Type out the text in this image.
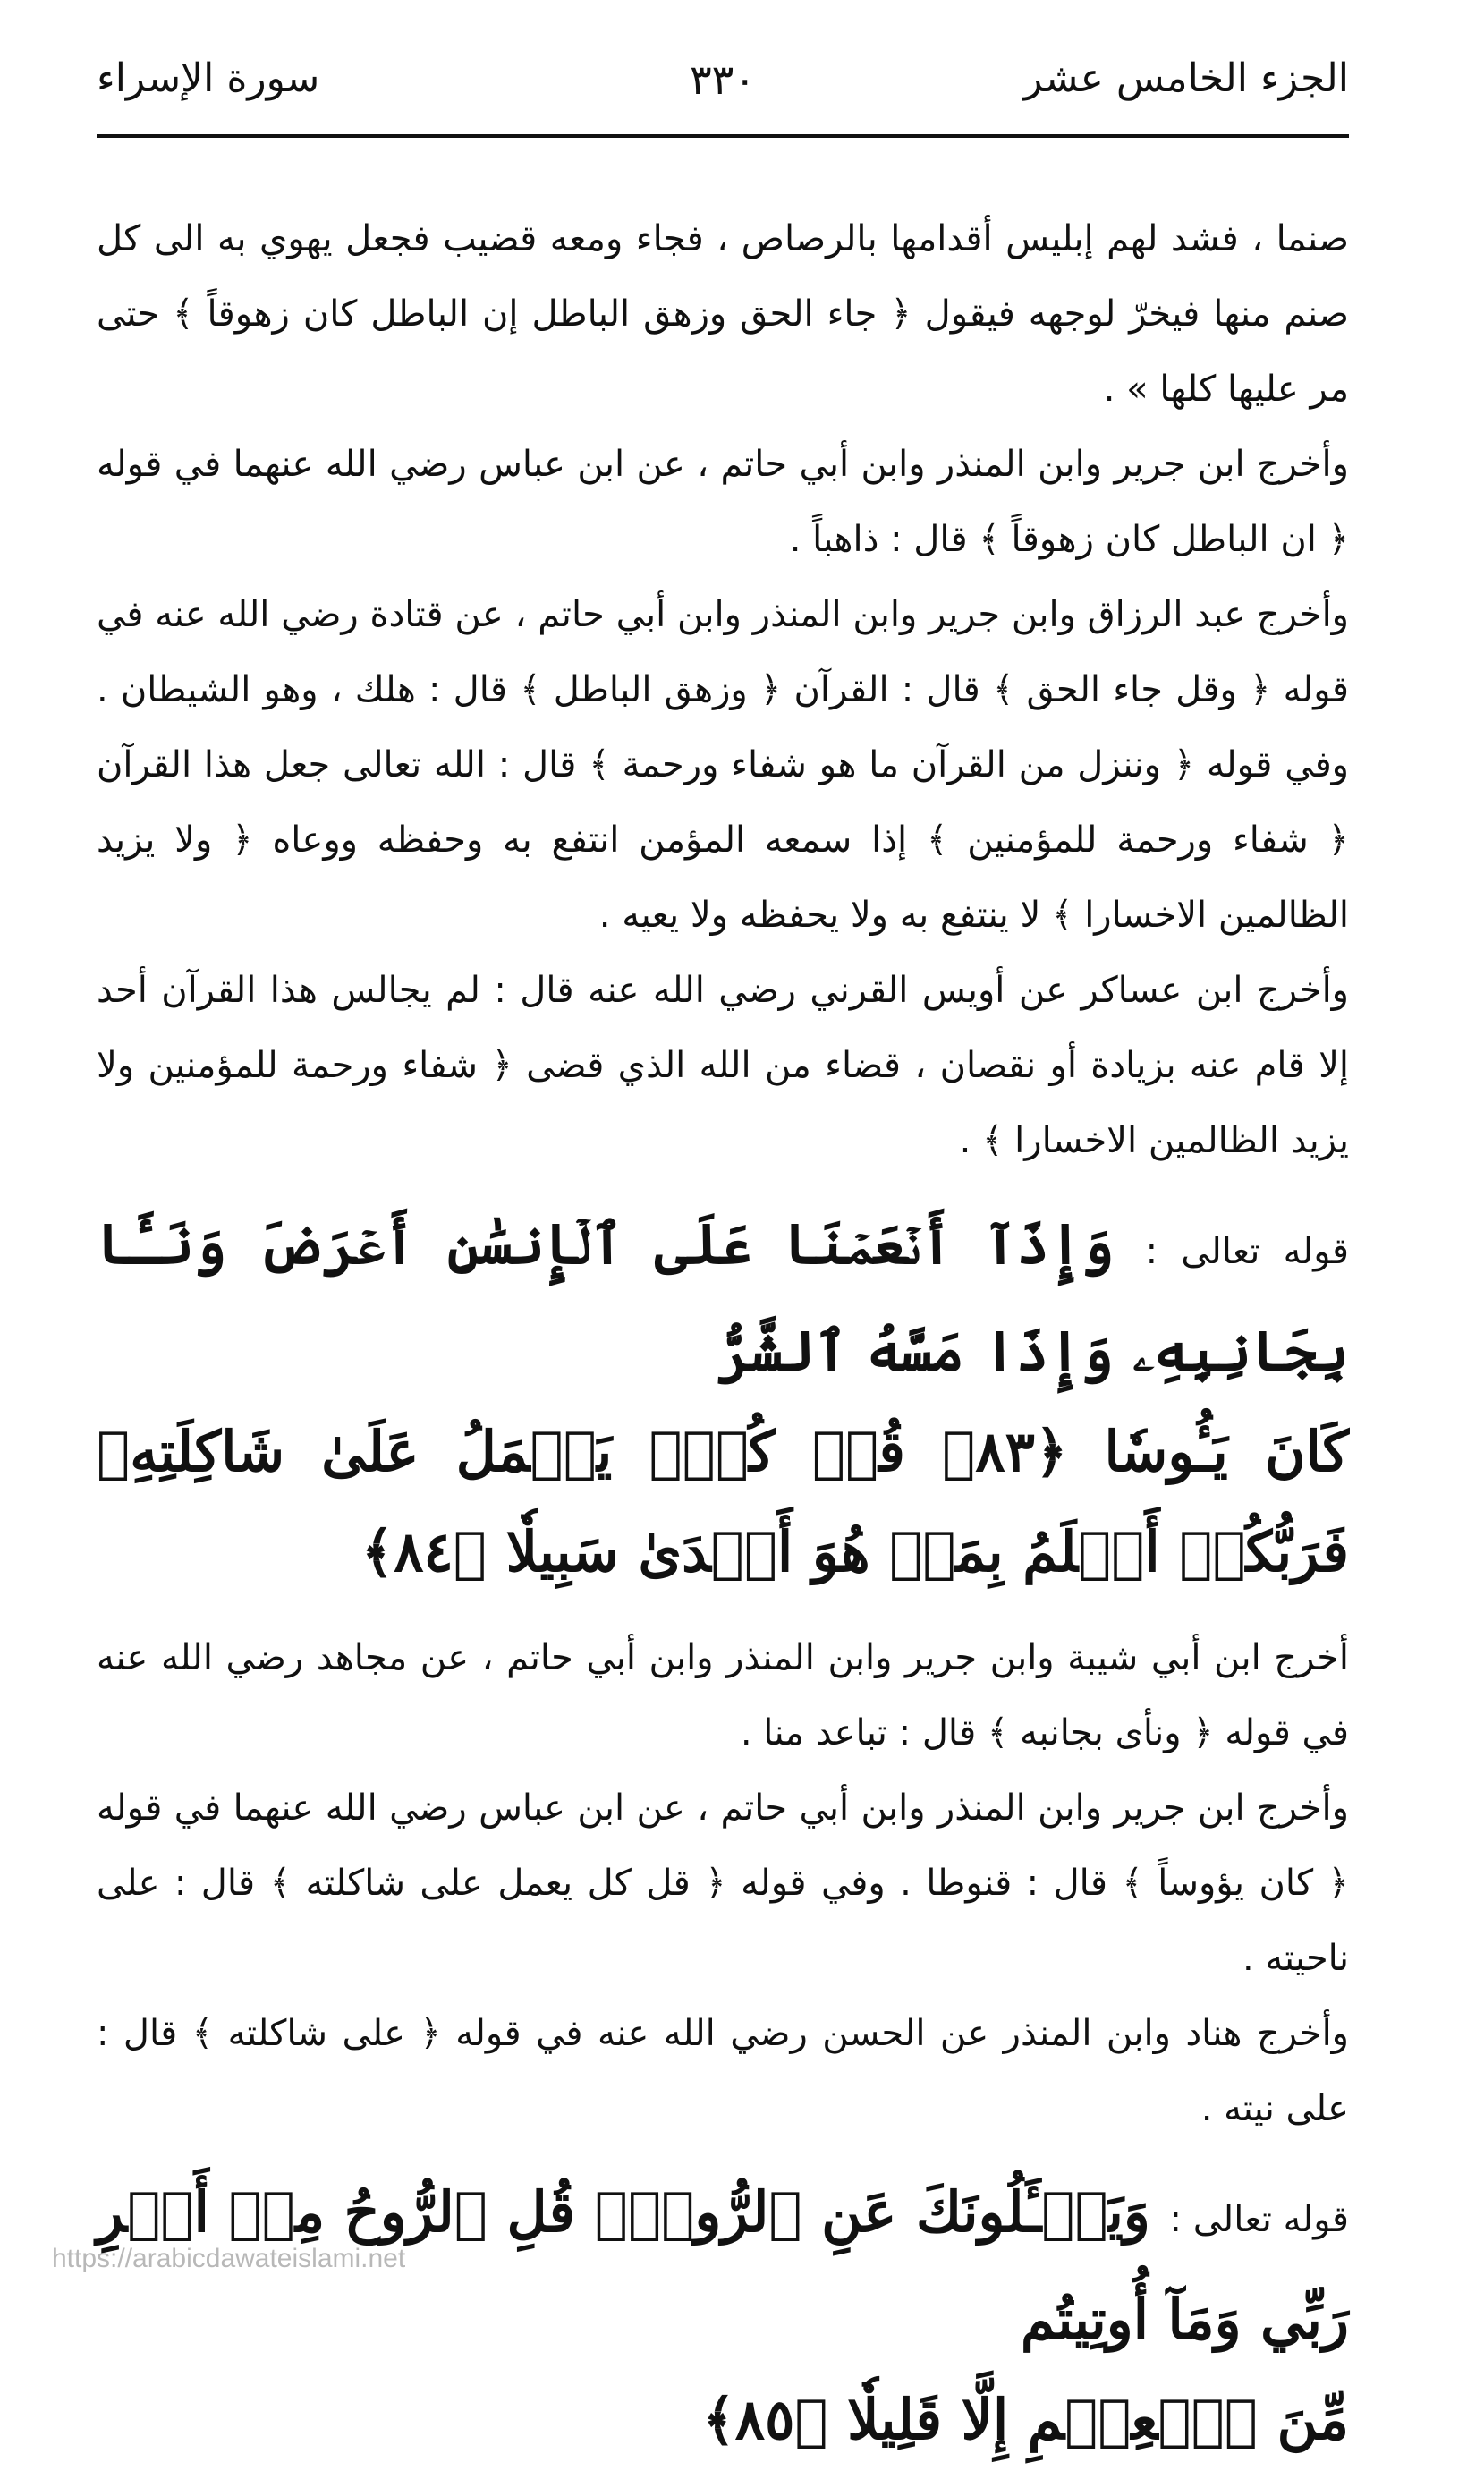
الجزء الخامس عشر
٣٣٠
سورة الإسراء

صنما ، فشد لهم إبليس أقدامها بالرصاص ، فجاء ومعه قضيب فجعل يهوي به الى كل صنم منها فيخرّ لوجهه فيقول ﴿ جاء الحق وزهق الباطل إن الباطل كان زهوقاً ﴾ حتى مر عليها كلها » .

وأخرج ابن جرير وابن المنذر وابن أبي حاتم ، عن ابن عباس رضي الله عنهما في قوله ﴿ ان الباطل كان زهوقاً ﴾ قال : ذاهباً .

وأخرج عبد الرزاق وابن جرير وابن المنذر وابن أبي حاتم ، عن قتادة رضي الله عنه في قوله ﴿ وقل جاء الحق ﴾ قال : القرآن ﴿ وزهق الباطل ﴾ قال : هلك ، وهو الشيطان . وفي قوله ﴿ وننزل من القرآن ما هو شفاء ورحمة ﴾ قال : الله تعالى جعل هذا القرآن ﴿ شفاء ورحمة للمؤمنين ﴾ إذا سمعه المؤمن انتفع به وحفظه ووعاه ﴿ ولا يزيد الظالمين الاخسارا ﴾ لا ينتفع به ولا يحفظه ولا يعيه .

وأخرج ابن عساكر عن أويس القرني رضي الله عنه قال : لم يجالس هذا القرآن أحد إلا قام عنه بزيادة أو نقصان ، قضاء من الله الذي قضى ﴿ شفاء ورحمة للمؤمنين ولا يزيد الظالمين الاخسارا ﴾ .

قوله تعالى : وَإِذَآ أَنۡعَمۡنَا عَلَى ٱلۡإِنسَٰنِ أَعۡرَضَ وَنَـَٔا بِجَانِبِهِۦ وَإِذَا مَسَّهُ ٱلشَّرُّ
كَانَ يَـُٔوسٗا ﴿٨٣﴾ قُلۡ كُلّٞ يَعۡمَلُ عَلَىٰ شَاكِلَتِهِۦ فَرَبُّكُمۡ أَعۡلَمُ بِمَنۡ هُوَ أَهۡدَىٰ سَبِيلٗا ﴿٨٤﴾

أخرج ابن أبي شيبة وابن جرير وابن المنذر وابن أبي حاتم ، عن مجاهد رضي الله عنه في قوله ﴿ ونأى بجانبه ﴾ قال : تباعد منا .

وأخرج ابن جرير وابن المنذر وابن أبي حاتم ، عن ابن عباس رضي الله عنهما في قوله ﴿ كان يؤوساً ﴾ قال : قنوطا . وفي قوله ﴿ قل كل يعمل على شاكلته ﴾ قال : على ناحيته .

وأخرج هناد وابن المنذر عن الحسن رضي الله عنه في قوله ﴿ على شاكلته ﴾ قال : على نيته .

قوله تعالى : وَيَسۡـَٔلُونَكَ عَنِ ٱلرُّوحِۖ قُلِ ٱلرُّوحُ مِنۡ أَمۡرِ رَبِّي وَمَآ أُوتِيتُم
مِّنَ ٱلۡعِلۡمِ إِلَّا قَلِيلٗا ﴿٨٥﴾
https://arabicdawateislami.net
